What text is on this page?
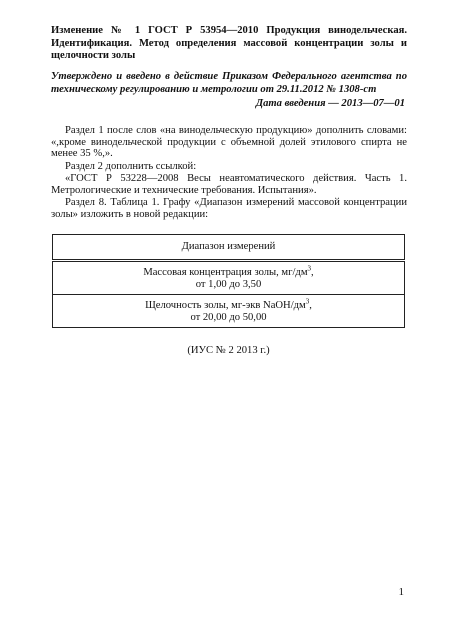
Изменение № 1 ГОСТ Р 53954—2010 Продукция винодельческая. Идентификация. Метод определения массовой концентрации золы и щелочности золы
Утверждено и введено в действие Приказом Федерального агентства по техническому регулированию и метрологии от 29.11.2012 № 1308-ст
Дата введения — 2013—07—01
Раздел 1 после слов «на винодельческую продукцию» дополнить словами: «,кроме винодельческой продукции с объемной долей этилового спирта не менее 35 %,».
Раздел 2 дополнить ссылкой:
«ГОСТ Р 53228—2008 Весы неавтоматического действия. Часть 1. Метрологические и технические требования. Испытания».
Раздел 8. Таблица 1. Графу «Диапазон измерений массовой концентрации золы» изложить в новой редакции:
Диапазон измерений
Массовая концентрация золы, $мг/дм^3$,
от 1,00 до 3,50
Щелочность золы, мг-экв NaOH/$дм^3$,
от 20,00 до 50,00
(ИУС № 2 2013 г.)
1
